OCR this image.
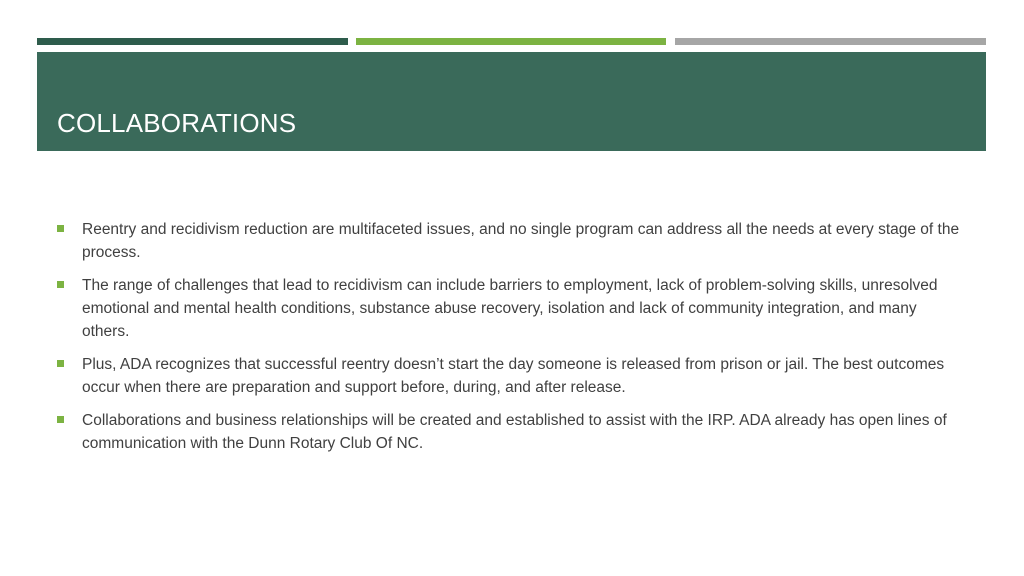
COLLABORATIONS
Reentry and recidivism reduction are multifaceted issues, and no single program can address all the needs at every stage of the process.
The range of challenges that lead to recidivism can include barriers to employment, lack of problem-solving skills, unresolved emotional and mental health conditions, substance abuse recovery, isolation and lack of community integration, and many others.
Plus, ADA recognizes that successful reentry doesn’t start the day someone is released from prison or jail. The best outcomes occur when there are preparation and support before, during, and after release.
Collaborations and business relationships will be created and established to assist with the IRP. ADA already has open lines of communication with the Dunn Rotary Club Of NC.
